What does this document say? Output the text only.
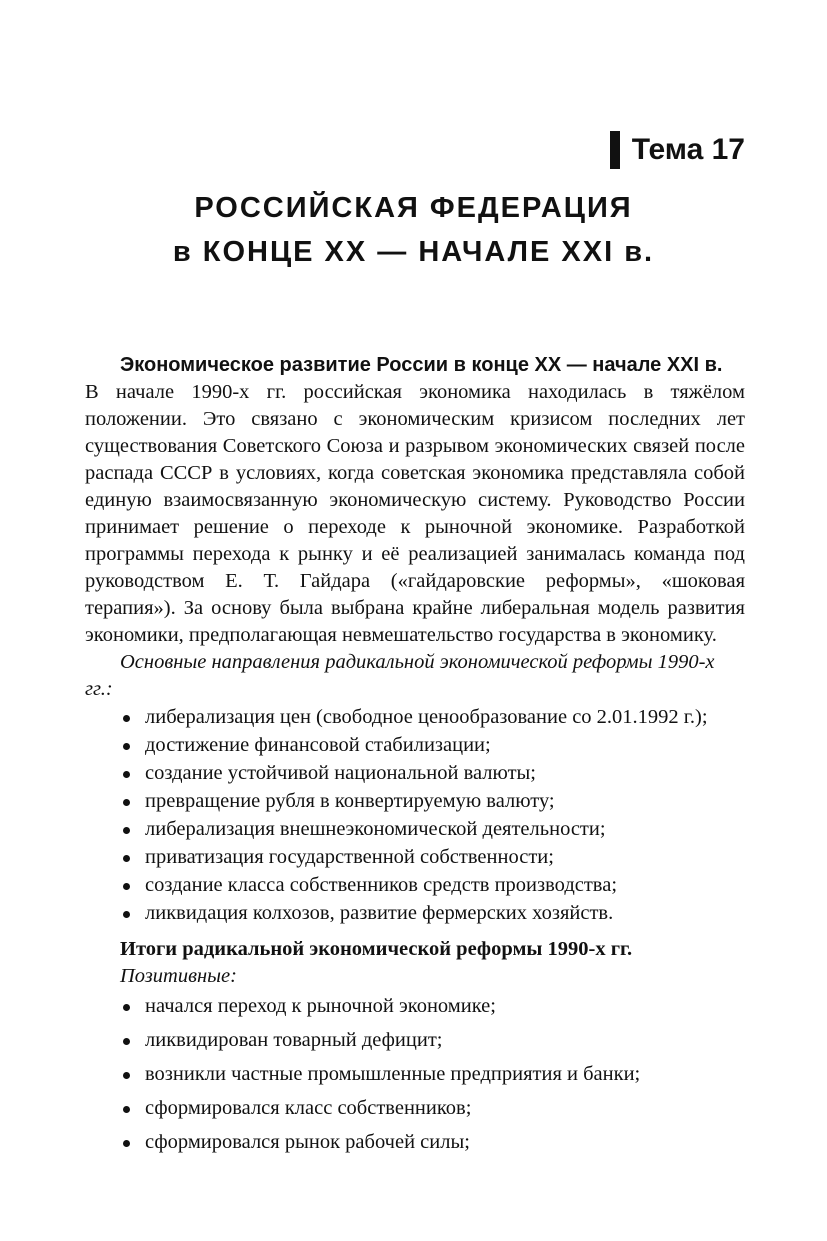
Тема 17
РОССИЙСКАЯ ФЕДЕРАЦИЯ
в КОНЦЕ XX — НАЧАЛЕ XXI в.
Экономическое развитие России в конце XX — начале XXI в.

В начале 1990-х гг. российская экономика находилась в тяжёлом положении. Это связано с экономическим кризисом последних лет существования Советского Союза и разрывом экономических связей после распада СССР в условиях, когда советская экономика представляла собой единую взаимосвязанную экономическую систему. Руководство России принимает решение о переходе к рыночной экономике. Разработкой программы перехода к рынку и её реализацией занималась команда под руководством Е. Т. Гайдара («гайдаровские реформы», «шоковая терапия»). За основу была выбрана крайне либеральная модель развития экономики, предполагающая невмешательство государства в экономику.

Основные направления радикальной экономической реформы 1990-х гг.:

либерализация цен (свободное ценообразование со 2.01.1992 г.);
достижение финансовой стабилизации;
создание устойчивой национальной валюты;
превращение рубля в конвертируемую валюту;
либерализация внешнеэкономической деятельности;
приватизация государственной собственности;
создание класса собственников средств производства;
ликвидация колхозов, развитие фермерских хозяйств.

Итоги радикальной экономической реформы 1990-х гг.

Позитивные:

начался переход к рыночной экономике;
ликвидирован товарный дефицит;
возникли частные промышленные предприятия и банки;
сформировался класс собственников;
сформировался рынок рабочей силы;
